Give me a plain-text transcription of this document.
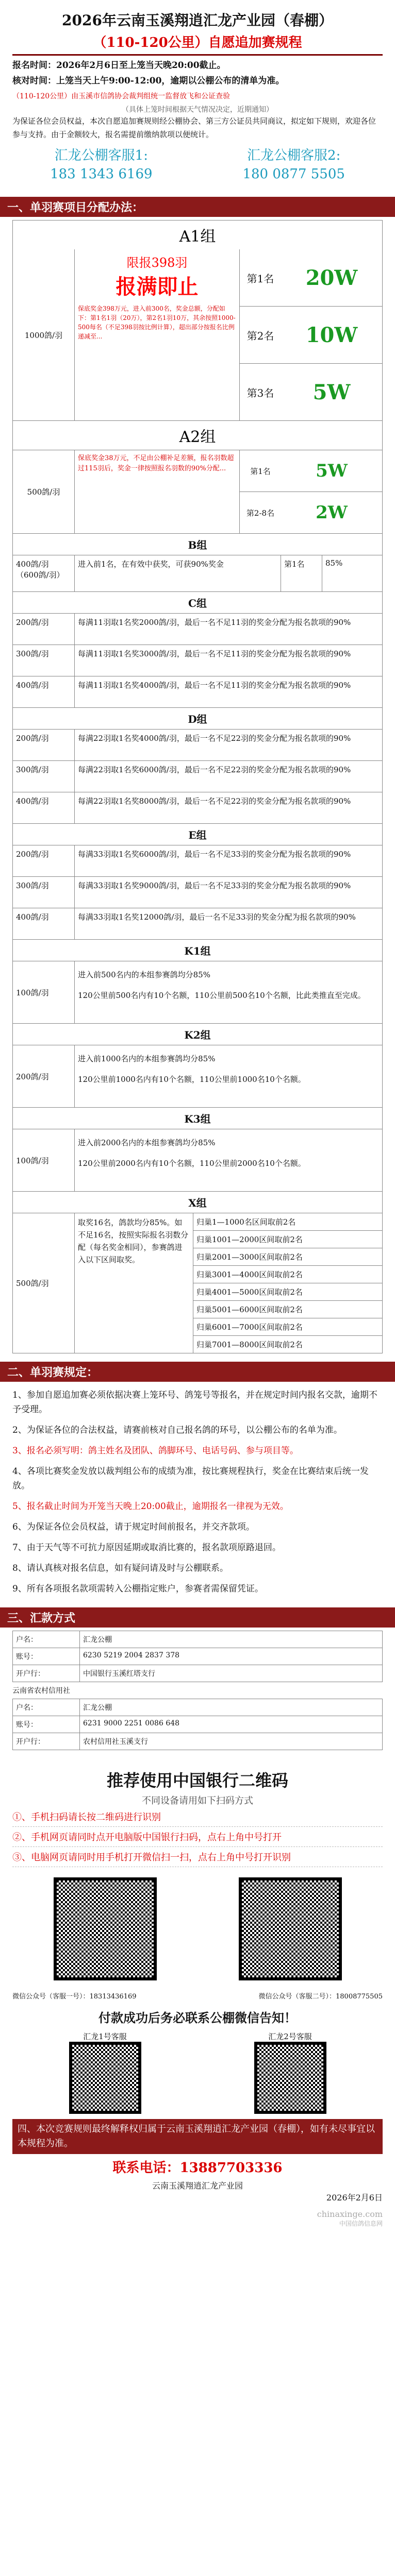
2026年云南玉溪翔逍汇龙产业园（春棚）
（110-120公里）自愿追加赛规程
报名时间：2026年2月6日至上笼当天晚20:00截止。
核对时间：上笼当天上午9:00-12:00，逾期以公棚公布的清单为准。
（110-120公里）由玉溪市信鸽协会裁判组统一监督放飞和公证查验
（具体上笼时间根据天气情况决定，近期通知）
为保证各位会员权益，本次自愿追加赛规则经公棚协会、第三方公证员共同商议，拟定如下规则，欢迎各位参与支持。由于金额较大，报名需提前缴纳款项以便统计。
汇龙公棚客服1:
183 1343 6169
汇龙公棚客服2:
180 0877 5505
一、单羽赛项目分配办法：
A1组
1000鸽/羽
限报398羽
报满即止
保底奖金398万元，进入前300名，奖金总额，分配如下：第1名1羽（20万），第2名1羽10万，其余按照1000-500每名（不足398羽按比例计算），超出部分按报名比例递减至...
第1名	20W
第2名	10W
第3名	5W
A2组
500鸽/羽
保底奖金38万元，不足由公棚补足差额，报名羽数超过115羽后，奖金一律按照报名羽数的90%分配...	第1名	5W
第2-8名	2W
B组
400鸽/羽（600鸽/羽）
进入前1名，在有效中获奖，可获90%奖金	第1名	85%
C组
200鸽/羽	每满11羽取1名奖2000鸽/羽，最后一名不足11羽的奖金分配为报名款项的90%
300鸽/羽	每满11羽取1名奖3000鸽/羽，最后一名不足11羽的奖金分配为报名款项的90%
400鸽/羽	每满11羽取1名奖4000鸽/羽，最后一名不足11羽的奖金分配为报名款项的90%
D组
200鸽/羽	每满22羽取1名奖4000鸽/羽，最后一名不足22羽的奖金分配为报名款项的90%
300鸽/羽	每满22羽取1名奖6000鸽/羽，最后一名不足22羽的奖金分配为报名款项的90%
400鸽/羽	每满22羽取1名奖8000鸽/羽，最后一名不足22羽的奖金分配为报名款项的90%
E组
200鸽/羽	每满33羽取1名奖6000鸽/羽，最后一名不足33羽的奖金分配为报名款项的90%
300鸽/羽	每满33羽取1名奖9000鸽/羽，最后一名不足33羽的奖金分配为报名款项的90%
400鸽/羽	每满33羽取1名奖12000鸽/羽，最后一名不足33羽的奖金分配为报名款项的90%
K1组
100鸽/羽
进入前500名内的本组参赛鸽均分85%
120公里前500名内有10个名额，110公里前500名10个名额，比此类推直至完成。
K2组
200鸽/羽
进入前1000名内的本组参赛鸽均分85%
120公里前1000名内有10个名额，110公里前1000名10个名额。
K3组
100鸽/羽
进入前2000名内的本组参赛鸽均分85%
120公里前2000名内有10个名额，110公里前2000名10个名额。
X组
500鸽/羽
取奖16名，鸽款均分85%。如不足16名，按照实际报名羽数分配（每名奖金相同），参赛鸽进入以下区间取奖。
归巢1—1000名区间取前2名
归巢1001—2000区间取前2名
归巢2001—3000区间取前2名
归巢3001—4000区间取前2名
归巢4001—5000区间取前2名
归巢5001—6000区间取前2名
归巢6001—7000区间取前2名
归巢7001—8000区间取前2名
二、单羽赛规定：
1、参加自愿追加赛必须依据决赛上笼环号、鸽笼号等报名，并在规定时间内报名交款，逾期不予受理。
2、为保证各位的合法权益，请赛前核对自己报名鸽的环号，以公棚公布的名单为准。
3、报名必须写明：鸽主姓名及团队、鸽脚环号、电话号码、参与项目等。
4、各项比赛奖金发放以裁判组公布的成绩为准，按比赛规程执行，奖金在比赛结束后统一发放。
5、报名截止时间为开笼当天晚上20:00截止，逾期报名一律视为无效。
6、为保证各位会员权益，请于规定时间前报名，并交齐款项。
7、由于天气等不可抗力原因延期或取消比赛的，报名款项原路退回。
8、请认真核对报名信息，如有疑问请及时与公棚联系。
9、所有各项报名款项需转入公棚指定账户，参赛者需保留凭证。
三、汇款方式
户名：	汇龙公棚
账号：	6230 5219 2004 2837 378
开户行：	中国银行玉溪红塔支行
云南省农村信用社
户名：	汇龙公棚
账号：	6231 9000 2251 0086 648
开户行：	农村信用社玉溪支行
推荐使用中国银行二维码
不同设备请用如下扫码方式
①、手机扫码请长按二维码进行识别
②、手机网页请同时点开电脑版中国银行扫码，点右上角中号打开
③、电脑网页请同时用手机打开微信扫一扫，点右上角中号打开识别
微信公众号（客服一号）：18313436169	微信公众号（客服二号）：18008775505
付款成功后务必联系公棚微信告知！
汇龙1号客服	汇龙2号客服
四、本次竞赛规则最终解释权归属于云南玉溪翔逍汇龙产业园（春棚），如有未尽事宜以本规程为准。
联系电话：13887703336
云南玉溪翔逍汇龙产业园
2026年2月6日
chinaxinge.com
中国信鸽信息网
